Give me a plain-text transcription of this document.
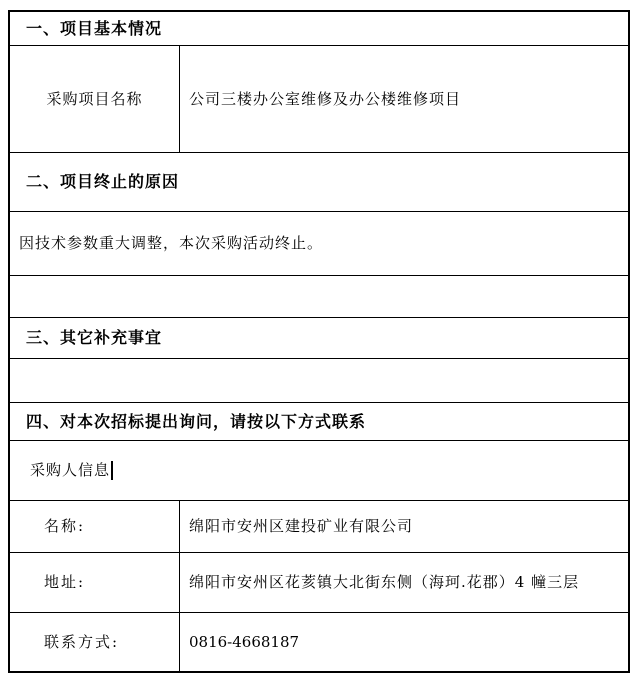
一、项目基本情况
采购项目名称	公司三楼办公室维修及办公楼维修项目
二、项目终止的原因
因技术参数重大调整，本次采购活动终止。
三、其它补充事宜
四、对本次招标提出询问，请按以下方式联系
采购人信息
名称:	绵阳市安州区建投矿业有限公司
地址:	绵阳市安州区花荄镇大北街东侧（海珂.花郡）4 幢三层
联系方式:	0816-4668187
